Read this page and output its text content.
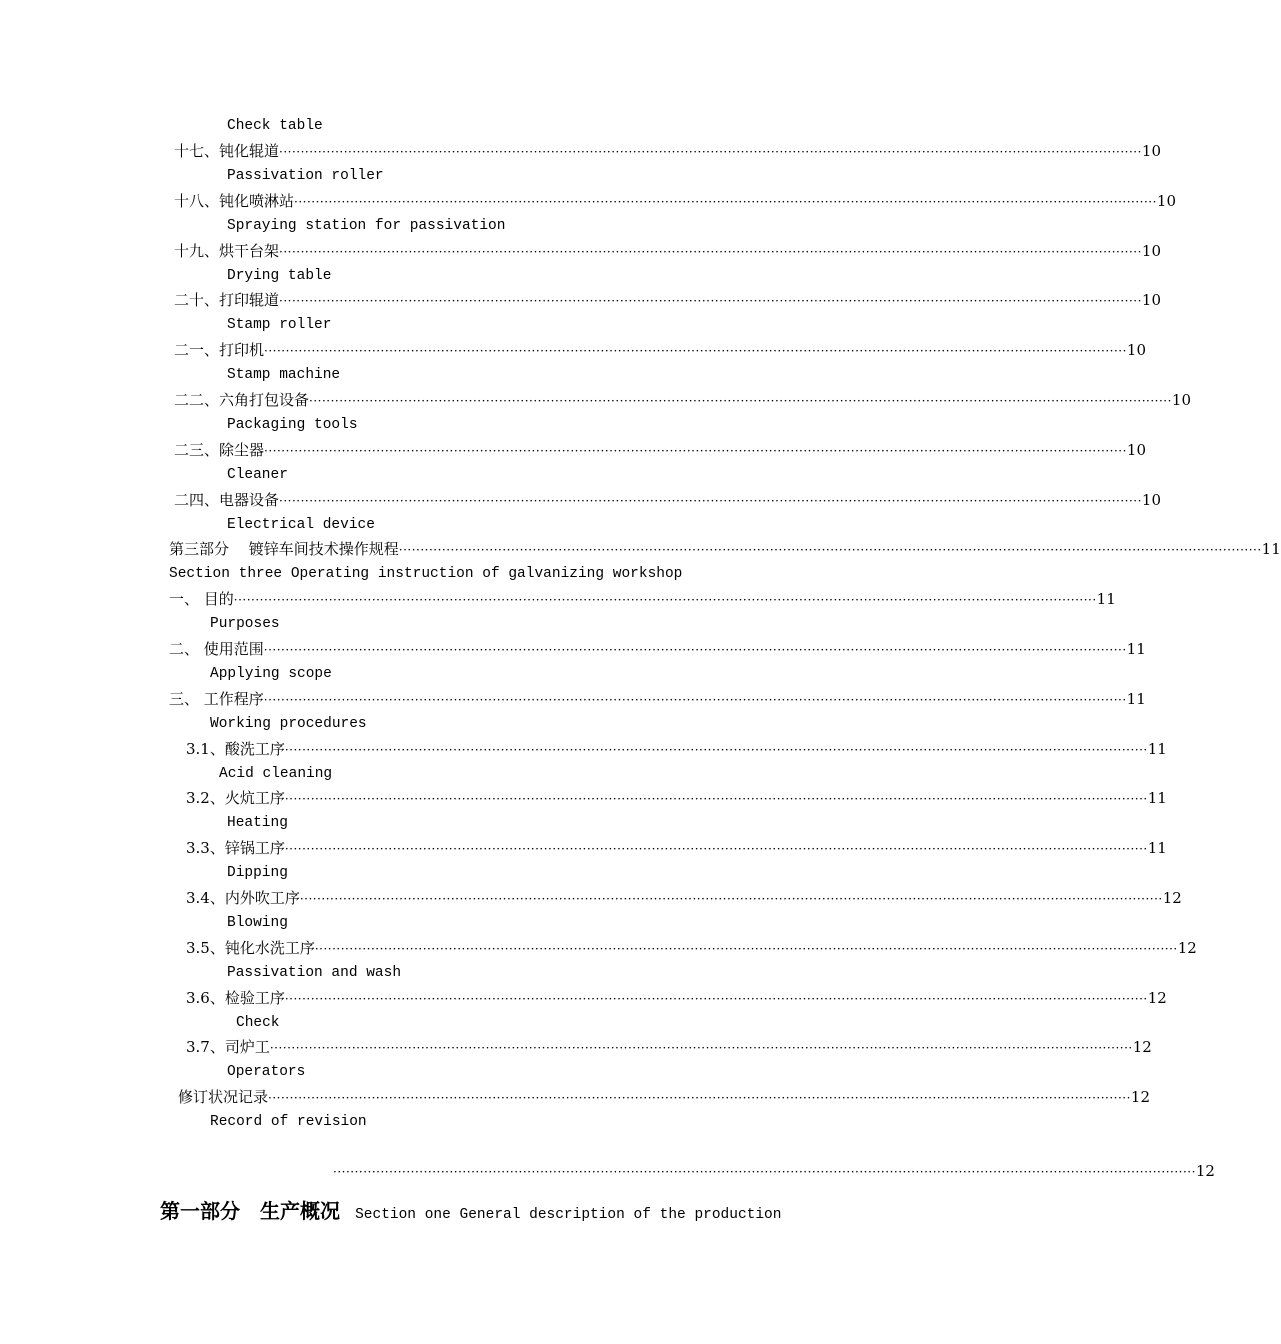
Check table
十七、钝化辊道 ········································································································································································································ 10
Passivation roller
十八、钝化喷淋站 ········································································································································································································ 10
Spraying station for passivation
十九、烘干台架 ········································································································································································································ 10
Drying table
二十、打印辊道 ········································································································································································································ 10
Stamp roller
二一、打印机 ········································································································································································································ 10
Stamp machine
二二、六角打包设备 ········································································································································································································ 10
Packaging tools
二三、除尘器 ········································································································································································································ 10
Cleaner
二四、电器设备 ········································································································································································································ 10
Electrical device
第三部分　 镀锌车间技术操作规程 ········································································································································································································ 11
Section three Operating instruction of galvanizing workshop
一、 目的 ········································································································································································································ 11
Purposes
二、 使用范围 ········································································································································································································ 11
Applying scope
三、 工作程序 ········································································································································································································ 11
Working procedures
3.1、酸洗工序 ········································································································································································································ 11
Acid cleaning
3.2、火炕工序 ········································································································································································································ 11
Heating
3.3、锌锅工序 ········································································································································································································ 11
Dipping
3.4、内外吹工序 ········································································································································································································ 12
Blowing
3.5、钝化水洗工序 ········································································································································································································ 12
Passivation and wash
3.6、检验工序 ········································································································································································································ 12
Check
3.7、司炉工 ········································································································································································································ 12
Operators
修订状况记录 ········································································································································································································ 12
Record of revision
········································································································································································································ 12
第一部分　生产概况 Section one General description of the production
